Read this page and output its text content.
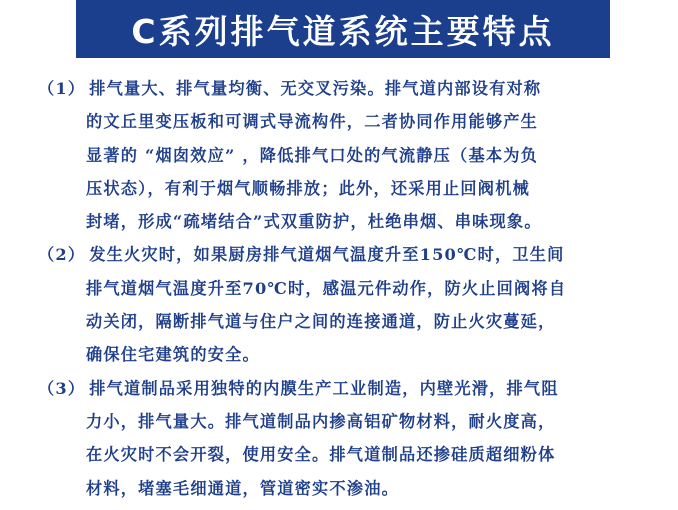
C系列排气道系统主要特点
（1） 排气量大、排气量均衡、无交叉污染。排气道内部设有对称
的文丘里变压板和可调式导流构件，二者协同作用能够产生
显著的 “烟囱效应” ，降低排气口处的气流静压（基本为负
压状态），有利于烟气顺畅排放；此外，还采用止回阀机械
封堵，形成“疏堵结合”式双重防护，杜绝串烟、串味现象。
（2） 发生火灾时，如果厨房排气道烟气温度升至150℃时，卫生间
排气道烟气温度升至70℃时，感温元件动作，防火止回阀将自
动关闭，隔断排气道与住户之间的连接通道，防止火灾蔓延，
确保住宅建筑的安全。
（3） 排气道制品采用独特的内膜生产工业制造，内壁光滑，排气阻
力小，排气量大。排气道制品内掺高铝矿物材料，耐火度高，
在火灾时不会开裂，使用安全。排气道制品还掺硅质超细粉体
材料，堵塞毛细通道，管道密实不渗油。
